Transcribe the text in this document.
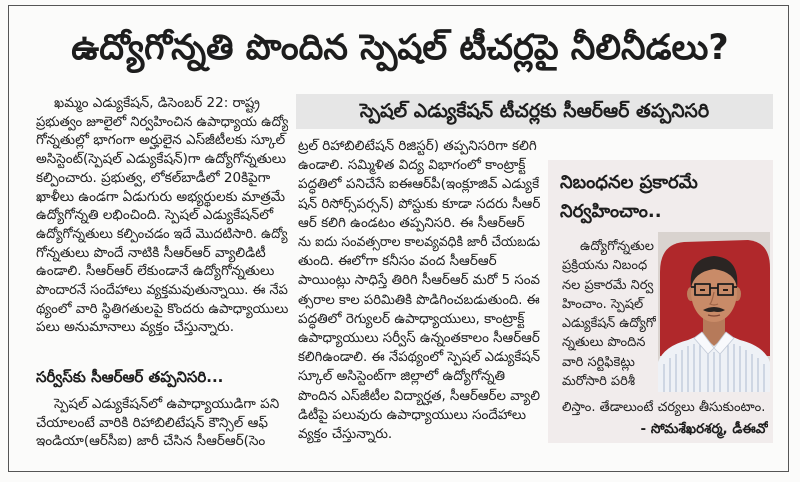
ఉద్యోగోన్నతి పొందిన స్పెషల్ టీచర్లపై నీలినీడలు?
స్పెషల్ ఎడ్యుకేషన్ టీచర్లకు సీఆర్ఆర్ తప్పనిసరి
ఖమ్మం ఎడ్యుకేషన్, డిసెంబర్ 22: రాష్ట్ర
ప్రభుత్వం జూలైలో నిర్వహించిన ఉపాధ్యాయ ఉద్యో
గోన్నతుల్లో భాగంగా అర్హులైన ఎస్‌జీటీలకు స్కూల్
అసిస్టెంట్(స్పెషల్ ఎడ్యుకేషన్)గా ఉద్యోగోన్నతులు
కల్పించారు. ప్రభుత్వ, లోకల్‌బాడీలో 20కిపైగా
ఖాళీలు ఉండగా ఏడుగురు అభ్యర్థులకు మాత్రమే
ఉద్యోగోన్నతి లభించింది. స్పెషల్ ఎడ్యుకేషన్‌లో
ఉద్యోగోన్నతులు కల్పించడం ఇదే మొదటిసారి. ఉద్యో
గోన్నతులు పొందే నాటికి సీఆర్ఆర్ వ్యాలిడిటీ
ఉండాలి. సీఆర్ఆర్ లేకుండానే ఉద్యోగోన్నతులు
పొందారనే సందేహాలు వ్యక్తమవుతున్నాయి. ఈ నేప
థ్యంలో వారి స్థితిగతులపై కొందరు ఉపాధ్యాయులు
పలు అనుమానాలు వ్యక్తం చేస్తున్నారు.
సర్వీస్‌కు సీఆర్ఆర్ తప్పనిసరి...
స్పెషల్ ఎడ్యుకేషన్‌లో ఉపాధ్యాయుడిగా పని
చేయాలంటే వారికి రిహాబిలిటేషన్ కౌన్సిల్ ఆఫ్
ఇండియా(ఆర్‌సీఐ) జారీ చేసిన సీఆర్ఆర్(సెం
ట్రల్ రిహాబిలిటేషన్ రిజిస్టర్) తప్పనిసరిగా కలిగి
ఉండాలి. సమ్మిళిత విద్య విభాగంలో కాంట్రాక్ట్
పద్ధతిలో పనిచేసే ఐఈఆర్‌పీ(ఇంక్లూజివ్ ఎడ్యుకే
షన్ రిసోర్స్‌పర్సన్) పోస్టుకు కూడా సదరు సీఆర్
ఆర్ కలిగి ఉండటం తప్పనిసరి. ఈ సీఆర్ఆర్
ను ఐదు సంవత్సరాల కాలవ్యవధికి జారీ చేయబడు
తుంది. ఈలోగా కనీసం వంద సీఆర్ఆర్
పాయింట్లు సాధిస్తే తిరిగి సీఆర్ఆర్ మరో 5 సంవ
త్సరాల కాల పరిమితికి పొడిగించబడుతుంది. ఈ
పద్ధతిలో రెగ్యులర్ ఉపాధ్యాయులు, కాంట్రాక్ట్
ఉపాధ్యాయులు సర్వీస్ ఉన్నంతకాలం సీఆర్ఆర్
కలిగిఉండాలి. ఈ నేపథ్యంలో స్పెషల్ ఎడ్యుకేషన్
స్కూల్ అసిస్టెంట్‌గా జిల్లాలో ఉద్యోగోన్నతి
పొందిన ఎస్‌జీటీల విద్యార్హత, సీఆర్ఆర్‌ల వ్యాలి
డిటీపై పలువురు ఉపాధ్యాయులు సందేహాలు
వ్యక్తం చేస్తున్నారు.
నిబంధనల ప్రకారమే
నిర్వహించాం..
ఉద్యోగోన్నతుల
ప్రక్రియను నిబంధ
నల ప్రకారమే నిర్వ
హించాం. స్పెషల్
ఎడ్యుకేషన్ ఉద్యోగో
న్నతులు పొందిన
వారి సర్టిఫికెట్లు
మరోసారి పరిశీ
లిస్తాం. తేడాలుంటే చర్యలు తీసుకుంటాం.
- సోమశేఖరశర్మ, డీఈవో
